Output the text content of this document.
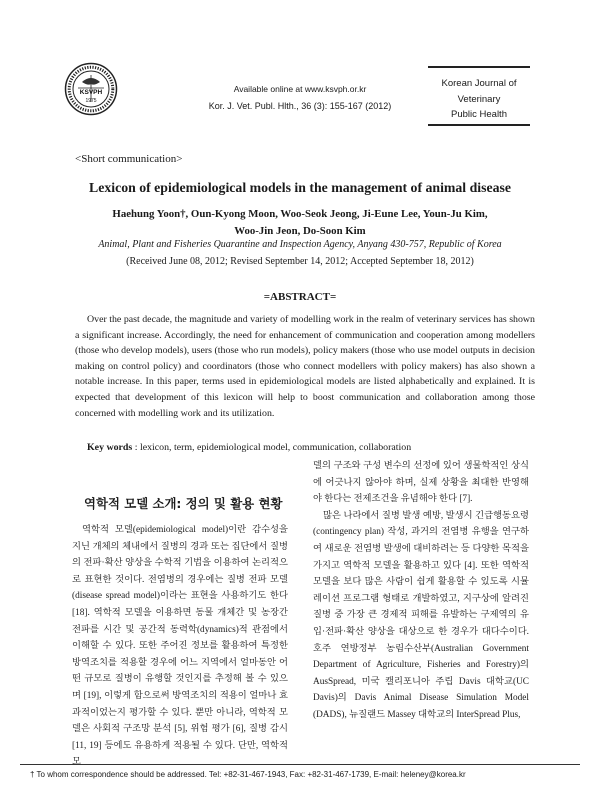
KSVPH
1975
Available online at www.ksvph.or.kr
Kor. J. Vet. Publ. Hlth., 36 (3): 155-167 (2012)
Korean Journal of
Veterinary
Public Health
<Short communication>
Lexicon of epidemiological models in the management of animal disease
Haehung Yoon†, Oun-Kyong Moon, Woo-Seok Jeong, Ji-Eune Lee, Youn-Ju Kim,
Woo-Jin Jeon, Do-Soon Kim
Animal, Plant and Fisheries Quarantine and Inspection Agency, Anyang 430-757, Republic of Korea
(Received June 08, 2012; Revised September 14, 2012; Accepted September 18, 2012)
=ABSTRACT=

Over the past decade, the magnitude and variety of modelling work in the realm of veterinary services has shown a significant increase. Accordingly, the need for enhancement of communication and cooperation among modellers (those who develop models), users (those who run models), policy makers (those who use model outputs in decision making on control policy) and coordinators (those who connect modellers with policy makers) has also shown a notable increase. In this paper, terms used in epidemiological models are listed alphabetically and explained. It is expected that development of this lexicon will help to boost communication and collaboration among those concerned with modelling work and its utilization.

Key words : lexicon, term, epidemiological model, communication, collaboration
역학적 모델 소개: 정의 및 활용 현황

역학적 모델(epidemiological model)이란 감수성을 지닌 개체의 체내에서 질병의 경과 또는 집단에서 질병의 전파·확산 양상을 수학적 기법을 이용하여 논리적으로 표현한 것이다. 전염병의 경우에는 질병 전파 모델(disease spread model)이라는 표현을 사용하기도 한다 [18]. 역학적 모델을 이용하면 동물 개체간 및 농장간 전파를 시간 및 공간적 동력학(dynamics)적 관점에서 이해할 수 있다. 또한 주어진 정보를 활용하여 특정한 방역조치를 적용할 경우에 어느 지역에서 얼마동안 어떤 규모로 질병이 유행할 것인지를 추정해 볼 수 있으며 [19], 이렇게 함으로써 방역조치의 적용이 얼마나 효과적이었는지 평가할 수 있다. 뿐만 아니라, 역학적 모델은 사회적 구조망 분석 [5], 위험 평가 [6], 질병 감시 [11, 19] 등에도 유용하게 적용될 수 있다. 단만, 역학적 모

델의 구조와 구성 변수의 선정에 있어 생물학적인 상식에 어긋나지 않아야 하며, 실제 상황을 최대한 반영해야 한다는 전제조건을 유념해야 한다 [7].

많은 나라에서 질병 발생 예방, 발생시 긴급행동요령(contingency plan) 작성, 과거의 전염병 유행을 연구하여 새로운 전염병 발생에 대비하려는 등 다양한 목적을 가지고 역학적 모델을 활용하고 있다 [4]. 또한 역학적 모델을 보다 많은 사람이 쉽게 활용할 수 있도록 시뮬레이션 프로그램 형태로 개발하였고, 지구상에 알려진 질병 중 가장 큰 경제적 피해를 유발하는 구제역의 유입·전파·확산 양상을 대상으로 한 경우가 대다수이다. 호주 연방정부 농림수산부(Australian Government Department of Agriculture, Fisheries and Forestry)의 AusSpread, 미국 캘리포니아 주립 Davis 대학교(UC Davis)의 Davis Animal Disease Simulation Model (DADS), 뉴질랜드 Massey 대학교의 InterSpread Plus,

† To whom correspondence should be addressed. Tel: +82-31-467-1943, Fax: +82-31-467-1739, E-mail: heleney@korea.kr
